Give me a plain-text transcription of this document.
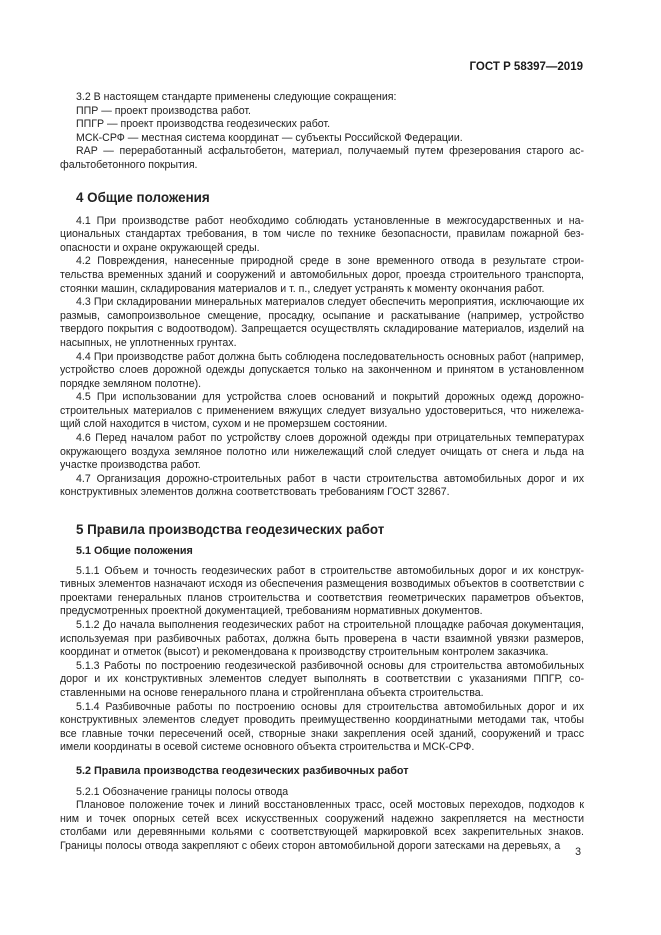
ГОСТ Р 58397—2019

3.2 В настоящем стандарте применены следующие сокращения:

ППР — проект производства работ.

ППГР — проект производства геодезических работ.

МСК-СРФ — местная система координат — субъекты Российской Федерации.

RAP — переработанный асфальтобетон, материал, получаемый путем фрезерования старого асфальтобетонного покрытия.

4 Общие положения

4.1 При производстве работ необходимо соблюдать установленные в межгосударственных и национальных стандартах требования, в том числе по технике безопасности, правилам пожарной безопасности и охране окружающей среды.

4.2 Повреждения, нанесенные природной среде в зоне временного отвода в результате строительства временных зданий и сооружений и автомобильных дорог, проезда строительного транспорта, стоянки машин, складирования материалов и т. п., следует устранять к моменту окончания работ.

4.3 При складировании минеральных материалов следует обеспечить мероприятия, исключающие их размыв, самопроизвольное смещение, просадку, осыпание и раскатывание (например, устройство твердого покрытия с водоотводом). Запрещается осуществлять складирование материалов, изделий на насыпных, не уплотненных грунтах.

4.4 При производстве работ должна быть соблюдена последовательность основных работ (например, устройство слоев дорожной одежды допускается только на законченном и принятом в установленном порядке земляном полотне).

4.5 При использовании для устройства слоев оснований и покрытий дорожных одежд дорожно-строительных материалов с применением вяжущих следует визуально удостовериться, что нижележащий слой находится в чистом, сухом и не промерзшем состоянии.

4.6 Перед началом работ по устройству слоев дорожной одежды при отрицательных температурах окружающего воздуха земляное полотно или нижележащий слой следует очищать от снега и льда на участке производства работ.

4.7 Организация дорожно-строительных работ в части строительства автомобильных дорог и их конструктивных элементов должна соответствовать требованиям ГОСТ 32867.

5 Правила производства геодезических работ
5.1 Общие положения

5.1.1 Объем и точность геодезических работ в строительстве автомобильных дорог и их конструктивных элементов назначают исходя из обеспечения размещения возводимых объектов в соответствии с проектами генеральных планов строительства и соответствия геометрических параметров объектов, предусмотренных проектной документацией, требованиям нормативных документов.

5.1.2 До начала выполнения геодезических работ на строительной площадке рабочая документация, используемая при разбивочных работах, должна быть проверена в части взаимной увязки размеров, координат и отметок (высот) и рекомендована к производству строительным контролем заказчика.

5.1.3 Работы по построению геодезической разбивочной основы для строительства автомобильных дорог и их конструктивных элементов следует выполнять в соответствии с указаниями ППГР, составленными на основе генерального плана и стройгенплана объекта строительства.

5.1.4 Разбивочные работы по построению основы для строительства автомобильных дорог и их конструктивных элементов следует проводить преимущественно координатными методами так, чтобы все главные точки пересечений осей, створные знаки закрепления осей зданий, сооружений и трасс имели координаты в осевой системе основного объекта строительства и МСК-СРФ.

5.2 Правила производства геодезических разбивочных работ

5.2.1 Обозначение границы полосы отвода

Плановое положение точек и линий восстановленных трасс, осей мостовых переходов, подходов к ним и точек опорных сетей всех искусственных сооружений надежно закрепляется на местности столбами или деревянными кольями с соответствующей маркировкой всех закрепительных знаков. Границы полосы отвода закрепляют с обеих сторон автомобильной дороги затесками на деревьях, а

3
